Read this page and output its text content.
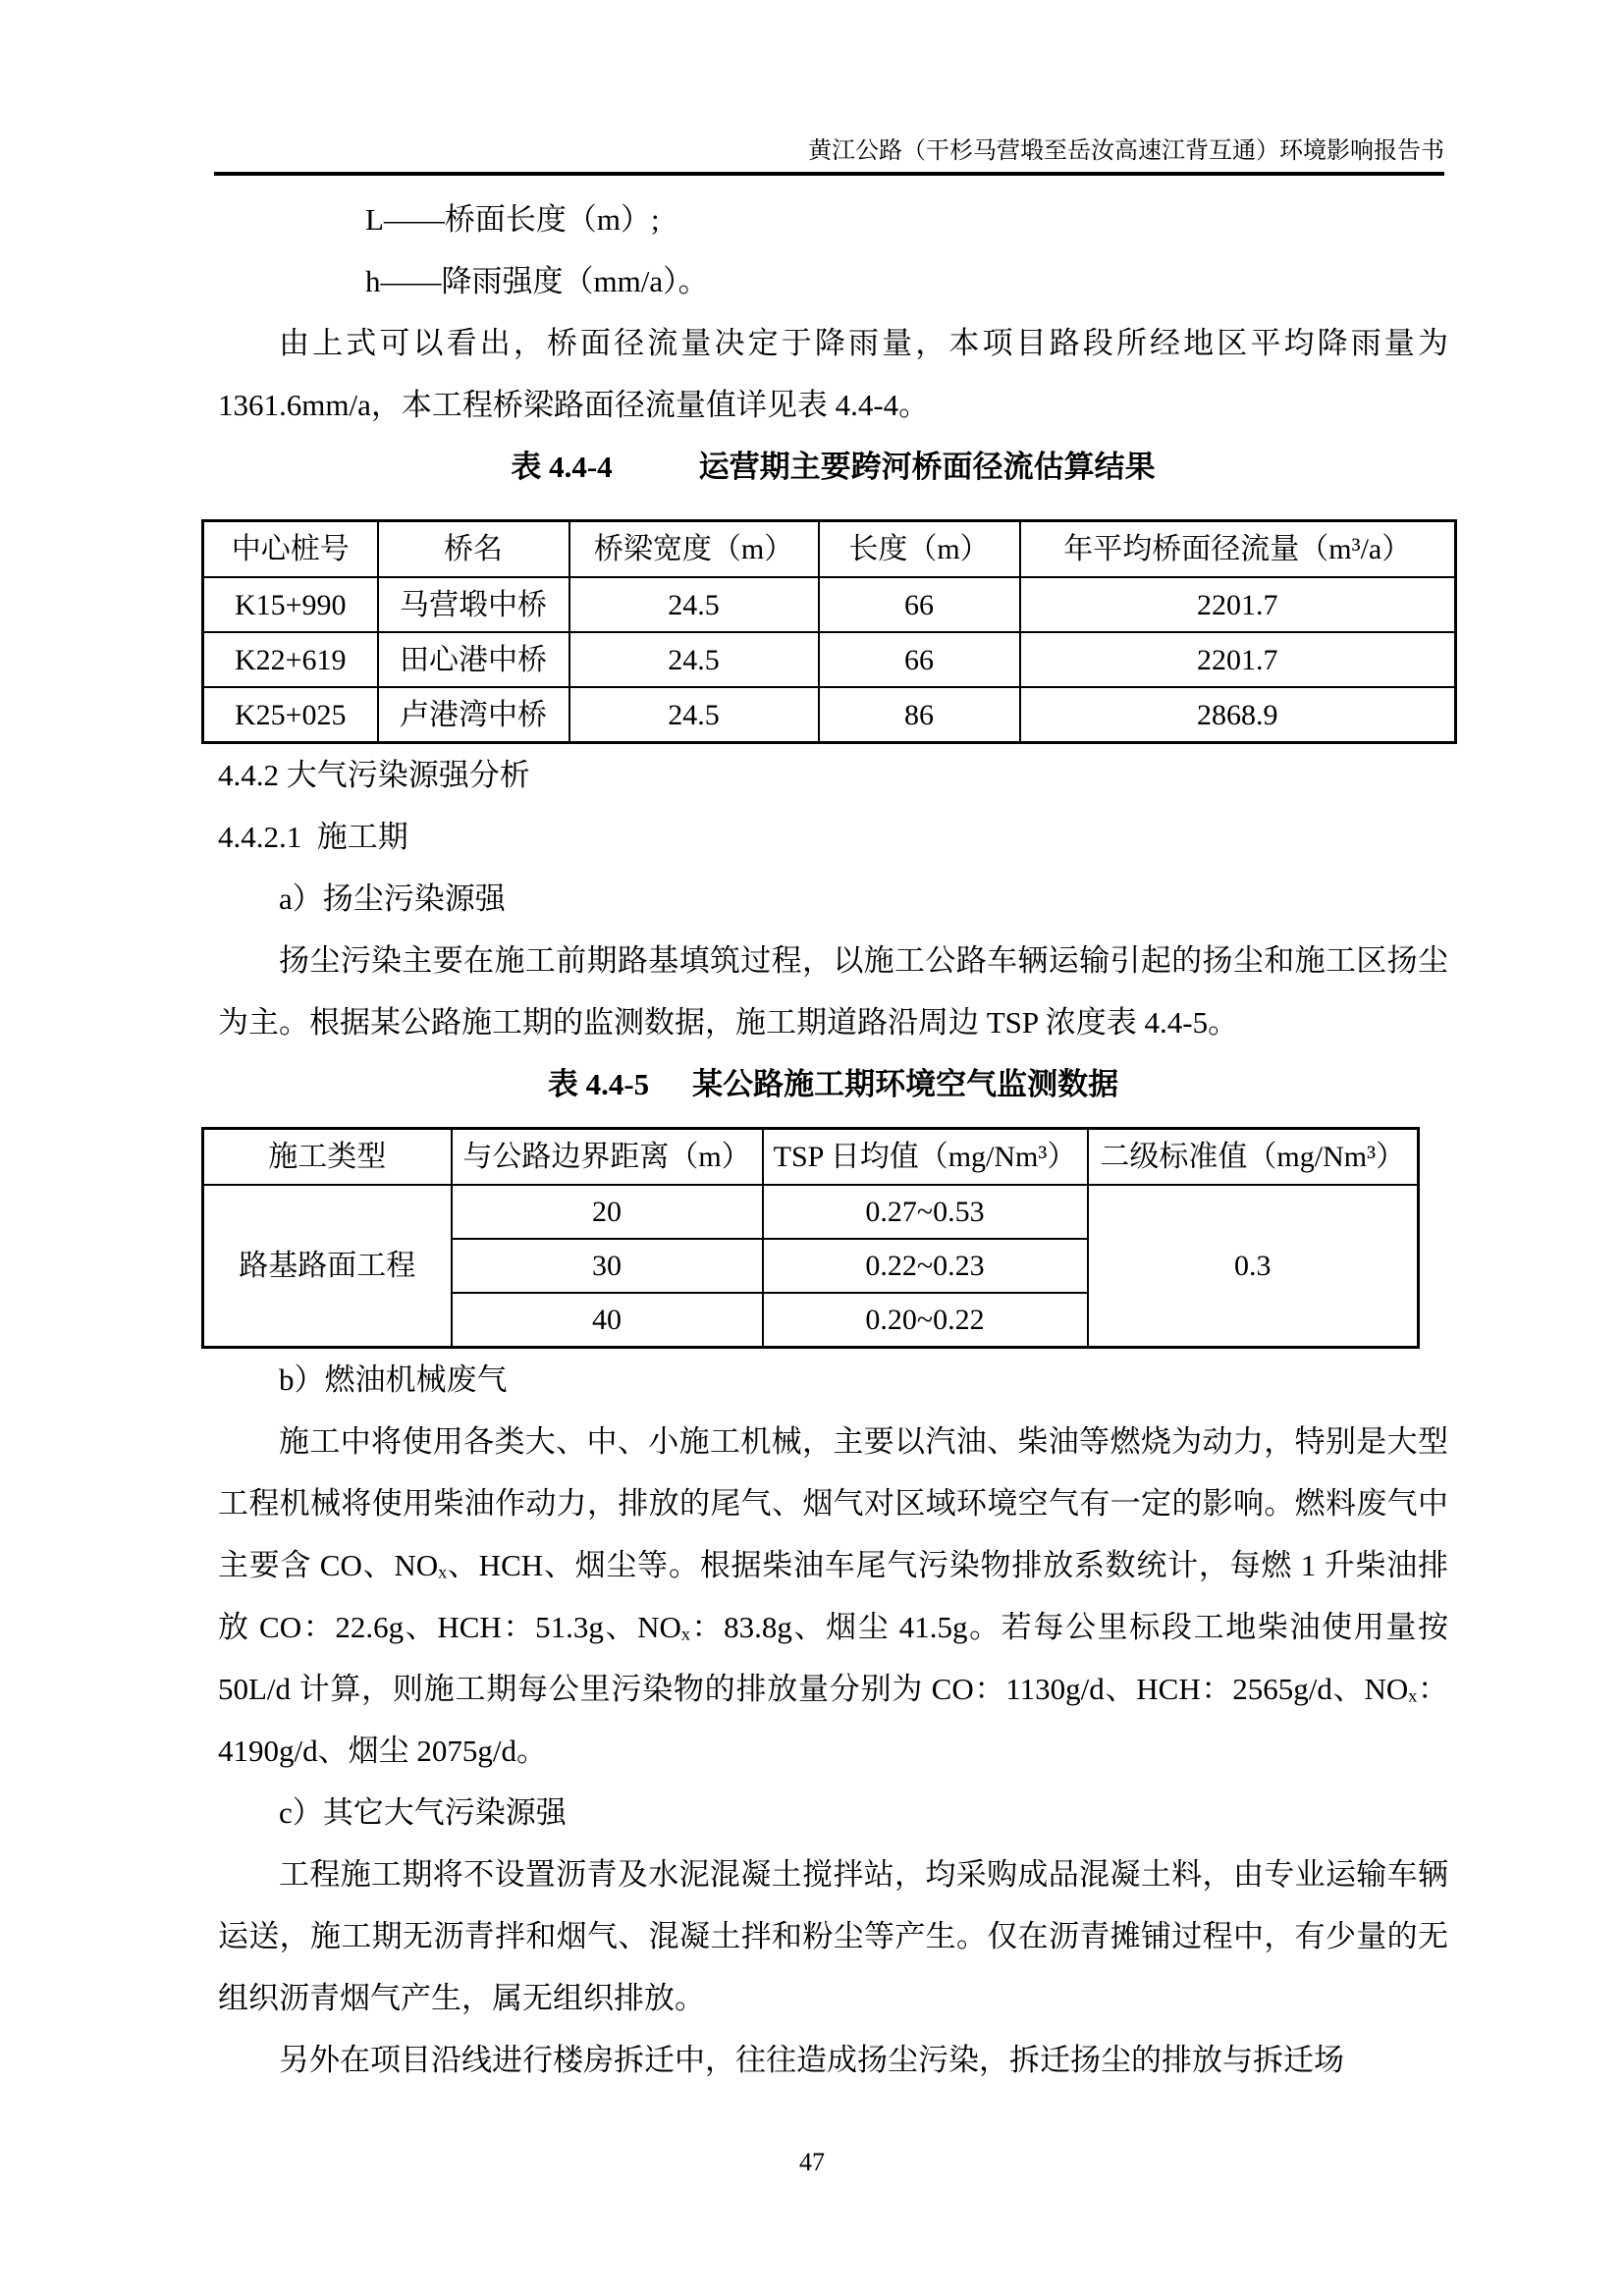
黄江公路（干杉马营塅至岳汝高速江背互通）环境影响报告书

L——桥面长度（m）;

h——降雨强度（mm/a）。

由上式可以看出，桥面径流量决定于降雨量，本项目路段所经地区平均降雨量为1361.6mm/a，本工程桥梁路面径流量值详见表 4.4-4。

表 4.4-4	运营期主要跨河桥面径流估算结果
中心桩号	桥名	桥梁宽度（m）	长度（m）	年平均桥面径流量（m³/a）
K15+990	马营塅中桥	24.5	66	2201.7
K22+619	田心港中桥	24.5	66	2201.7
K25+025	卢港湾中桥	24.5	86	2868.9
4.4.2 大气污染源强分析
4.4.2.1  施工期

a）扬尘污染源强

扬尘污染主要在施工前期路基填筑过程，以施工公路车辆运输引起的扬尘和施工区扬尘为主。根据某公路施工期的监测数据，施工期道路沿周边 TSP 浓度表 4.4-5。

表 4.4-5 某公路施工期环境空气监测数据
施工类型	与公路边界距离（m）	TSP 日均值（mg/Nm³）	二级标准值（mg/Nm³）
路基路面工程	20	0.27~0.53	0.3
	30	0.22~0.23	
	40	0.20~0.22	

b）燃油机械废气

施工中将使用各类大、中、小施工机械，主要以汽油、柴油等燃烧为动力，特别是大型工程机械将使用柴油作动力，排放的尾气、烟气对区域环境空气有一定的影响。燃料废气中主要含 CO、NOₓ、HCH、烟尘等。根据柴油车尾气污染物排放系数统计，每燃 1 升柴油排放 CO：22.6g、HCH：51.3g、NOₓ：83.8g、烟尘 41.5g。若每公里标段工地柴油使用量按 50L/d 计算，则施工期每公里污染物的排放量分别为 CO：1130g/d、HCH：2565g/d、NOₓ：4190g/d、烟尘 2075g/d。

c）其它大气污染源强

工程施工期将不设置沥青及水泥混凝土搅拌站，均采购成品混凝土料，由专业运输车辆运送，施工期无沥青拌和烟气、混凝土拌和粉尘等产生。仅在沥青摊铺过程中，有少量的无组织沥青烟气产生，属无组织排放。

另外在项目沿线进行楼房拆迁中，往往造成扬尘污染，拆迁扬尘的排放与拆迁场

47
